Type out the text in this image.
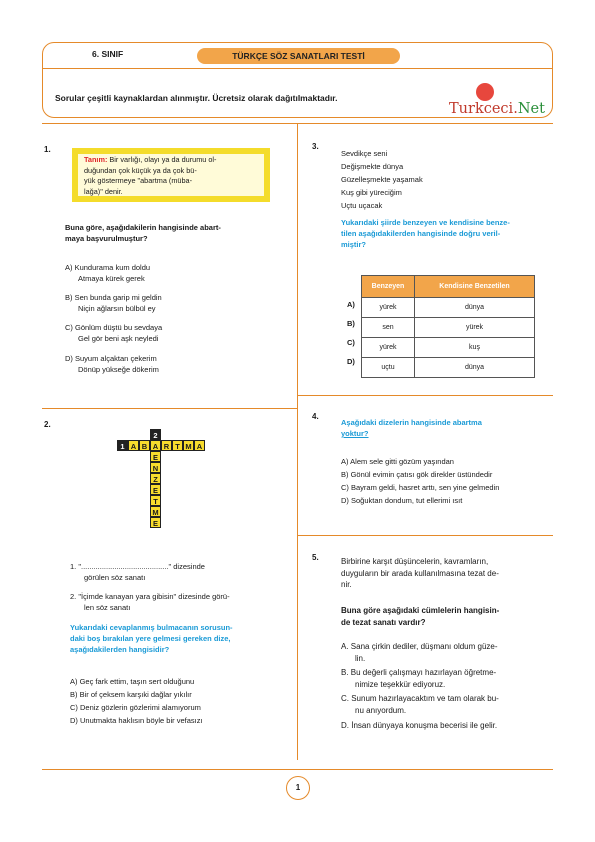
6. SINIF	TÜRKÇE SÖZ SANATLARI TESTİ
Sorular çeşitli kaynaklardan alınmıştır. Ücretsiz olarak dağıtılmaktadır.
Turkceci.Net
1.
Tanım: Bir varlığı, olayı ya da durumu ol-
duğundan çok küçük ya da çok bü-
yük göstermeye "abartma (mübа-
lağa)" denir.
Buna göre, aşağıdakilerin hangisinde abart-
maya başvurulmuştur?
A) Kundurama kum doldu
Atmaya kürek gerek
B) Sen bunda garip mi geldin
Niçin ağlarsın bülbül ey
C) Gönlüm düştü bu sevdaya
Gel gör beni aşk neyledi
D) Suyum alçaktan çekerim
Dönüp yükseğe dökerim
2.
1 A B A R T M A
2
E
N
Z
E
T
M
E
1. ".........................................." dizesinde
görülen söz sanatı
2. "İçimde kanayan yara gibisin" dizesinde görü-
len söz sanatı
Yukarıdaki cevaplanmış bulmacanın sorusun-
daki boş bırakılan yere gelmesi gereken dize,
aşağıdakilerden hangisidir?
A) Geç fark ettim, taşın sert olduğunu
B) Bir of çeksem karşıki dağlar yıkılır
C) Deniz gözlerin gözlerimi alamıyorum
D) Unutmakta haklısın böyle bir vefasızı
3.
Sevdikçe seni
Değişmekte dünya
Güzelleşmekte yaşamak
Kuş gibi yüreciğim
Uçtu uçacak
Yukarıdaki şiirde benzeyen ve kendisine benze-
tilen aşağıdakilerden hangisinde doğru veril-
miştir?
Benzeyen	Kendisine Benzetilen
yürek	dünya
sen	yürek
yürek	kuş
uçtu	dünya
A)
B)
C)
D)
4.
Aşağıdaki dizelerin hangisinde abartma
yoktur?
A) Alem sele gitti gözüm yaşından
B) Gönül evimin çatısı gök direkler üstündedir
C) Bayram geldi, hasret arttı, sen yine gelmedin
D) Soğuktan dondum, tut ellerimi ısıt
5.	Birbirine karşıt düşüncelerin, kavramların,
duyguların bir arada kullanılmasına tezat de-
nir.
Buna göre aşağıdaki cümlelerin hangisin-
de tezat sanatı vardır?
A. Sana çirkin dediler, düşmanı oldum güze-
lin.
B. Bu değerli çalışmayı hazırlayan öğretme-
nimize teşekkür ediyoruz.
C. Sunum hazırlayacaktım ve tam olarak bu-
nu anıyordum.
D. İnsan dünyaya konuşma becerisi ile gelir.
1
